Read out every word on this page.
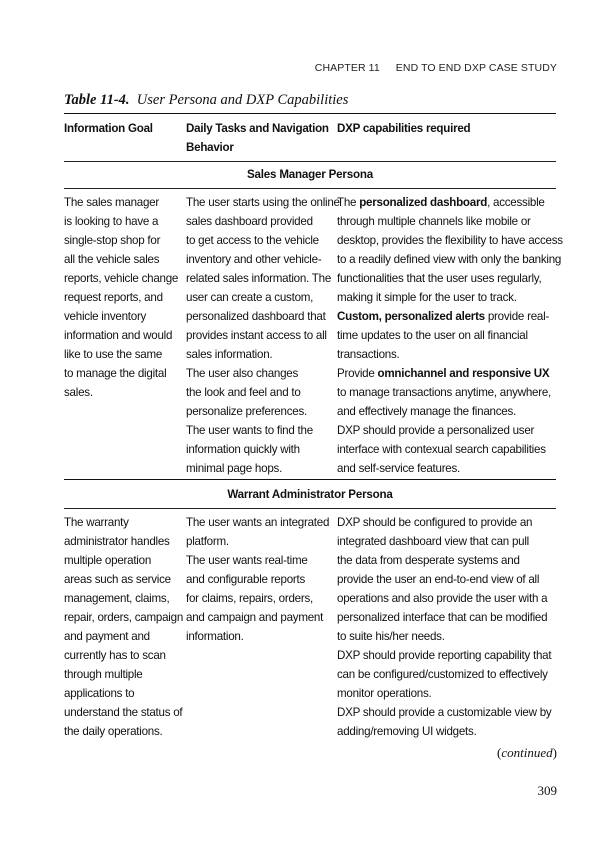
CHAPTER 11 END TO END DXP CASE STUDY
Table 11-4. User Persona and DXP Capabilities
Information Goal	Daily Tasks and Navigation
Behavior
DXP capabilities required
Sales Manager Persona
The sales manager
is looking to have a
single-stop shop for
all the vehicle sales
reports, vehicle change
request reports, and
vehicle inventory
information and would
like to use the same
to manage the digital
sales.
The user starts using the online
sales dashboard provided
to get access to the vehicle
inventory and other vehicle-
related sales information. The
user can create a custom,
personalized dashboard that
provides instant access to all
sales information.
The user also changes
the look and feel and to
personalize preferences.
The user wants to find the
information quickly with
minimal page hops.
The personalized dashboard, accessible
through multiple channels like mobile or
desktop, provides the flexibility to have access
to a readily defined view with only the banking
functionalities that the user uses regularly,
making it simple for the user to track.
Custom, personalized alerts provide real-
time updates to the user on all financial
transactions.
Provide omnichannel and responsive UX
to manage transactions anytime, anywhere,
and effectively manage the finances.
DXP should provide a personalized user
interface with contexual search capabilities
and self-service features.
Warrant Administrator Persona
The warranty
administrator handles
multiple operation
areas such as service
management, claims,
repair, orders, campaign
and payment and
currently has to scan
through multiple
applications to
understand the status of
the daily operations.
The user wants an integrated
platform.
The user wants real-time
and configurable reports
for claims, repairs, orders,
and campaign and payment
information.
DXP should be configured to provide an
integrated dashboard view that can pull
the data from desperate systems and
provide the user an end-to-end view of all
operations and also provide the user with a
personalized interface that can be modified
to suite his/her needs.
DXP should provide reporting capability that
can be configured/customized to effectively
monitor operations.
DXP should provide a customizable view by
adding/removing UI widgets.
(continued)
309
